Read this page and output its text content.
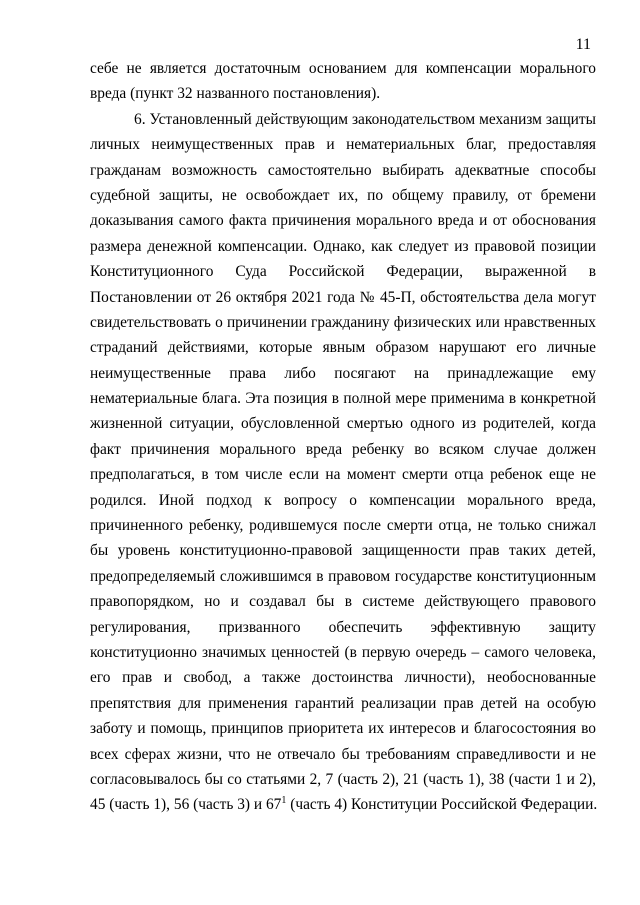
11
себе не является достаточным основанием для компенсации морального
вреда (пункт 32 названного постановления).
6. Установленный действующим законодательством механизм защиты
личных неимущественных прав и нематериальных благ, предоставляя
гражданам возможность самостоятельно выбирать адекватные способы
судебной защиты, не освобождает их, по общему правилу, от бремени
доказывания самого факта причинения морального вреда и от обоснования
размера денежной компенсации. Однако, как следует из правовой позиции
Конституционного Суда Российской Федерации, выраженной в
Постановлении от 26 октября 2021 года № 45-П, обстоятельства дела могут
свидетельствовать о причинении гражданину физических или нравственных
страданий действиями, которые явным образом нарушают его личные
неимущественные права либо посягают на принадлежащие ему
нематериальные блага. Эта позиция в полной мере применима в конкретной
жизненной ситуации, обусловленной смертью одного из родителей, когда
факт причинения морального вреда ребенку во всяком случае должен
предполагаться, в том числе если на момент смерти отца ребенок еще не
родился. Иной подход к вопросу о компенсации морального вреда,
причиненного ребенку, родившемуся после смерти отца, не только снижал
бы уровень конституционно-правовой защищенности прав таких детей,
предопределяемый сложившимся в правовом государстве конституционным
правопорядком, но и создавал бы в системе действующего правового
регулирования, призванного обеспечить эффективную защиту
конституционно значимых ценностей (в первую очередь – самого человека,
его прав и свобод, а также достоинства личности), необоснованные
препятствия для применения гарантий реализации прав детей на особую
заботу и помощь, принципов приоритета их интересов и благосостояния во
всех сферах жизни, что не отвечало бы требованиям справедливости и не
согласовывалось бы со статьями 2, 7 (часть 2), 21 (часть 1), 38 (части 1 и 2),
45 (часть 1), 56 (часть 3) и $67^1$ (часть 4) Конституции Российской Федерации.
